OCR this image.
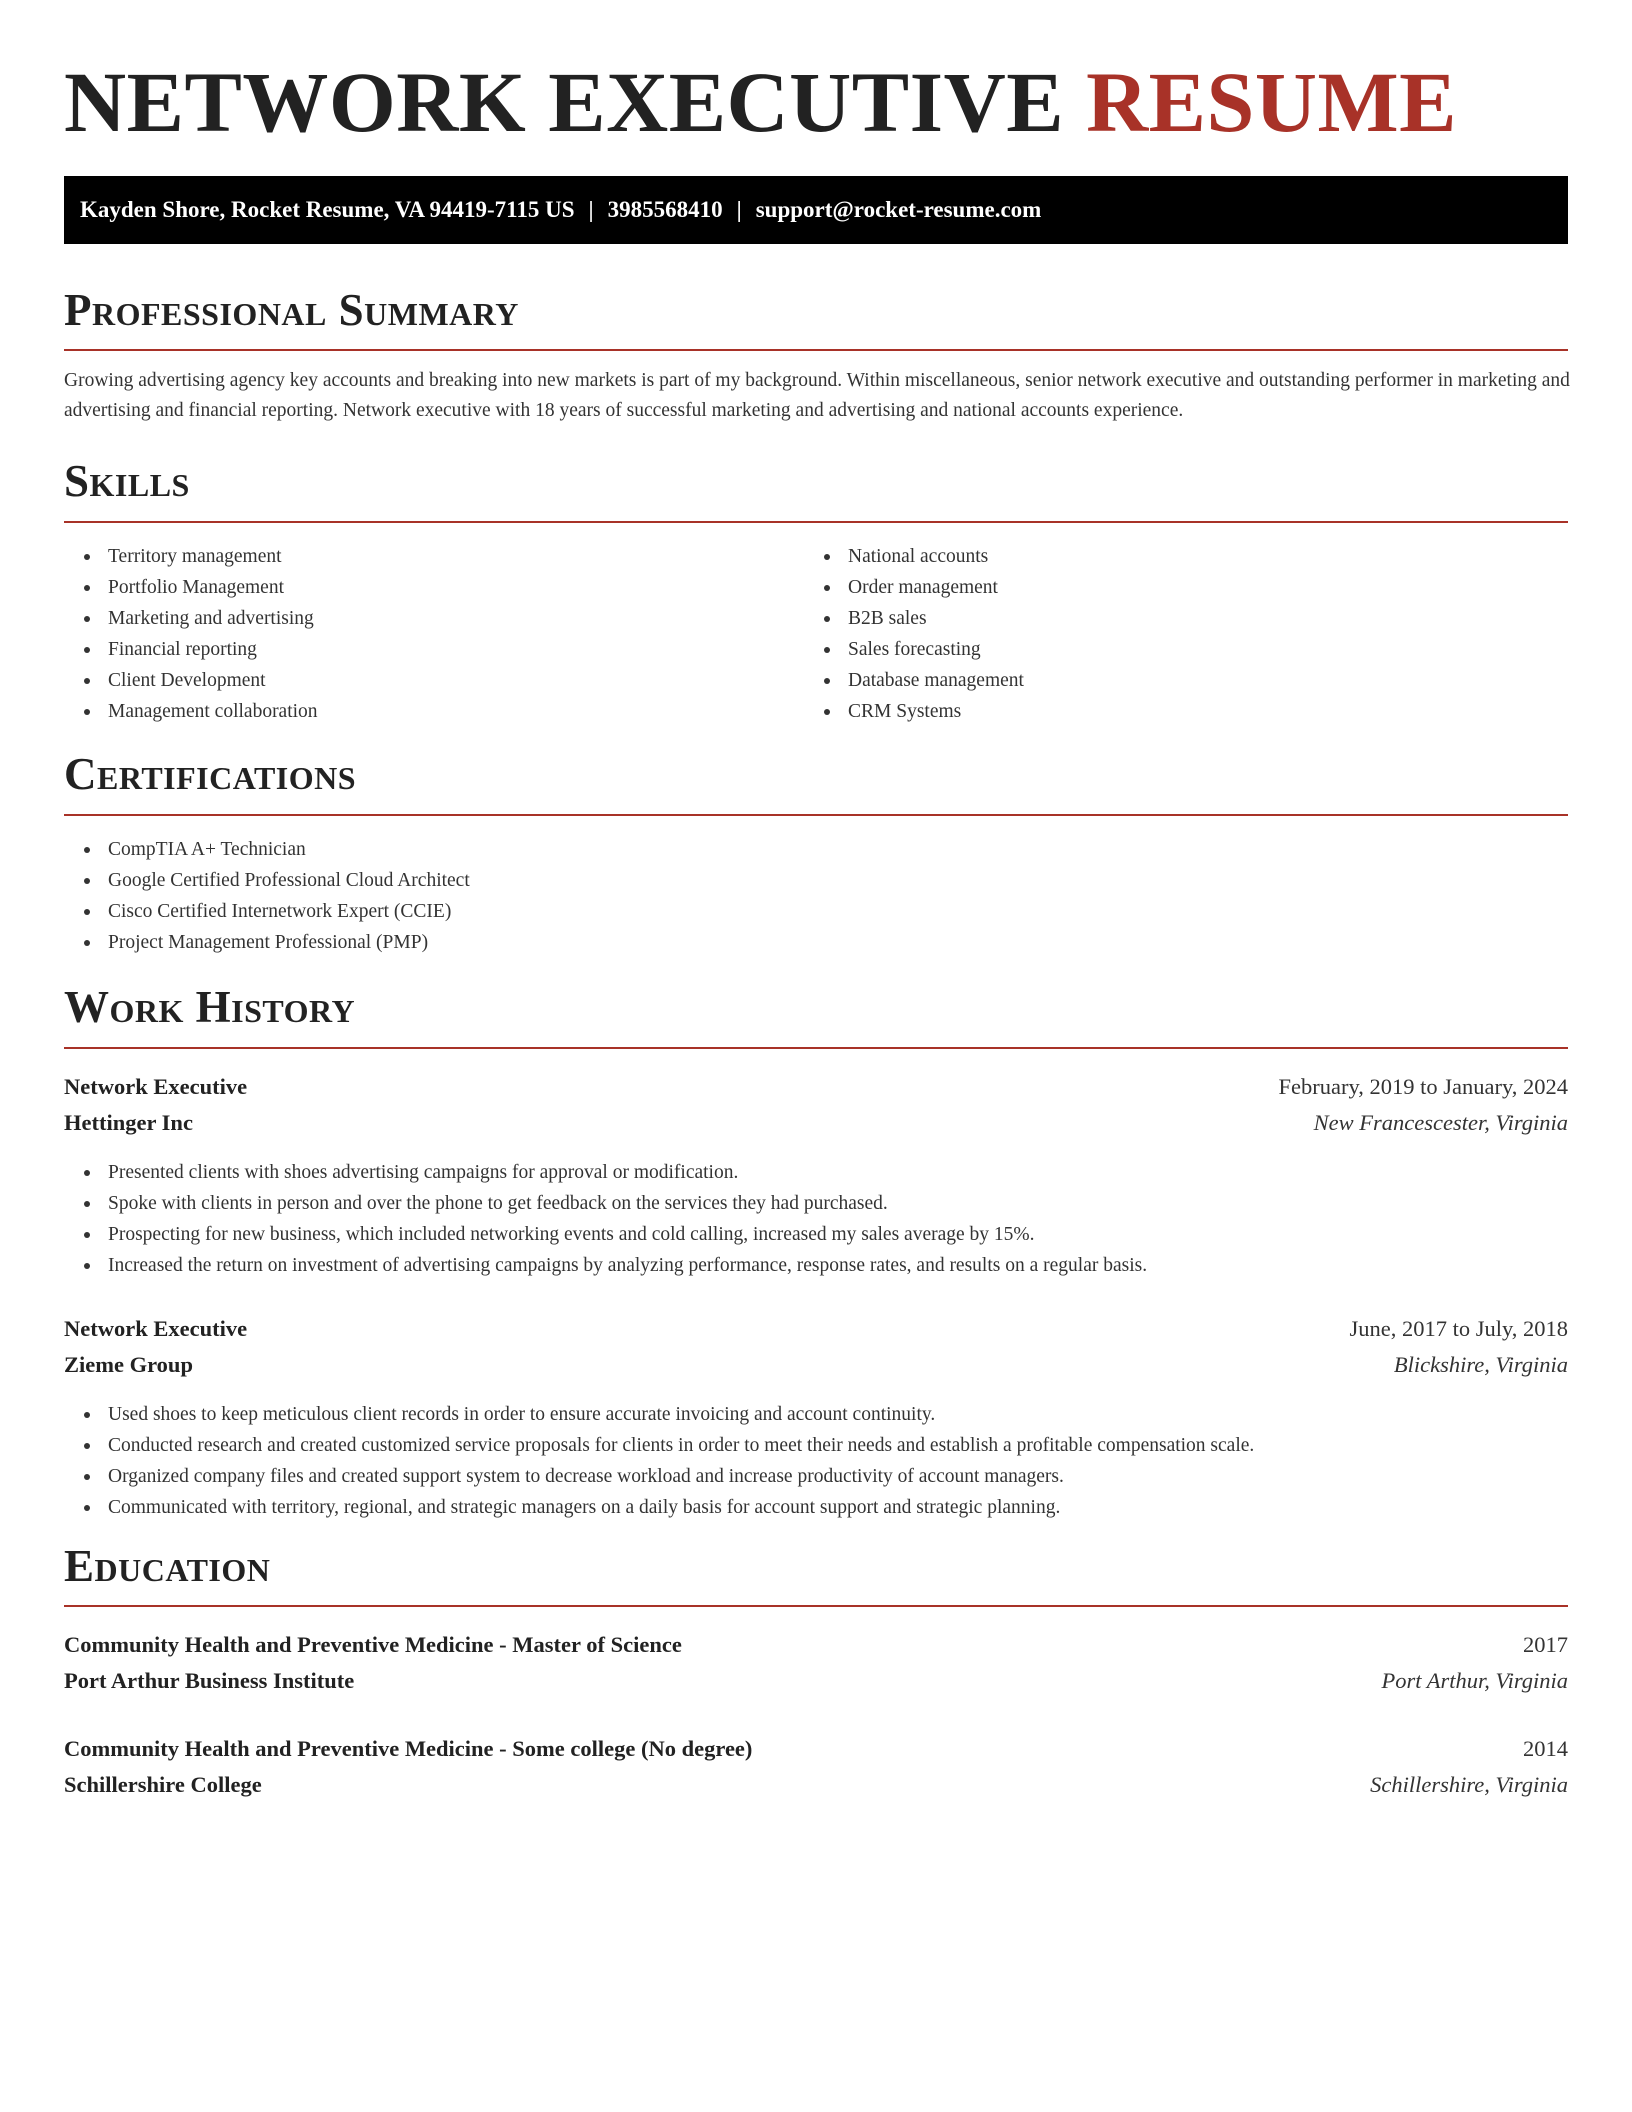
NETWORK EXECUTIVE RESUME
Kayden Shore, Rocket Resume, VA 94419-7115 US | 3985568410 | support@rocket-resume.com
Professional Summary

Growing advertising agency key accounts and breaking into new markets is part of my background. Within miscellaneous, senior network executive and outstanding performer in marketing and advertising and financial reporting. Network executive with 18 years of successful marketing and advertising and national accounts experience.

Skills
Territory management
Portfolio Management
Marketing and advertising
Financial reporting
Client Development
Management collaboration
National accounts
Order management
B2B sales
Sales forecasting
Database management
CRM Systems
Certifications
CompTIA A+ Technician
Google Certified Professional Cloud Architect
Cisco Certified Internetwork Expert (CCIE)
Project Management Professional (PMP)
Work History
Network Executive	February, 2019 to January, 2024
Hettinger Inc	New Francescester, Virginia
Presented clients with shoes advertising campaigns for approval or modification.
Spoke with clients in person and over the phone to get feedback on the services they had purchased.
Prospecting for new business, which included networking events and cold calling, increased my sales average by 15%.
Increased the return on investment of advertising campaigns by analyzing performance, response rates, and results on a regular basis.
Network Executive	June, 2017 to July, 2018
Zieme Group	Blickshire, Virginia
Used shoes to keep meticulous client records in order to ensure accurate invoicing and account continuity.
Conducted research and created customized service proposals for clients in order to meet their needs and establish a profitable compensation scale.
Organized company files and created support system to decrease workload and increase productivity of account managers.
Communicated with territory, regional, and strategic managers on a daily basis for account support and strategic planning.
Education
Community Health and Preventive Medicine - Master of Science	2017
Port Arthur Business Institute	Port Arthur, Virginia
Community Health and Preventive Medicine - Some college (No degree)	2014
Schillershire College	Schillershire, Virginia
